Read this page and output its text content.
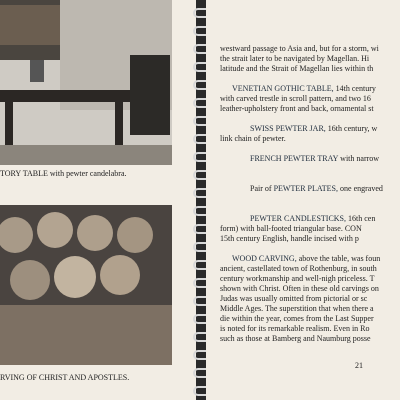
TORY TABLE with pewter candelabra.
RVING OF CHRIST AND APOSTLES.
westward passage to Asia and, but for a storm, wi
the strait later to be navigated by Magellan. Hi
latitude and the Strait of Magellan lies within th
VENETIAN GOTHIC TABLE, 14th century
with carved trestle in scroll pattern, and two 16
leather-upholstery front and back, ornamental st
SWISS PEWTER JAR, 16th century, w
link chain of pewter.
FRENCH PEWTER TRAY with narrow
Pair of PEWTER PLATES, one engraved
PEWTER CANDLESTICKS, 16th cen
form) with ball-footed triangular base. CON
15th century English, handle incised with p
WOOD CARVING, above the table, was foun
ancient, castellated town of Rothenburg, in south
century workmanship and well-nigh priceless. T
shown with Christ. Often in these old carvings on
Judas was usually omitted from pictorial or sc
Middle Ages. The superstition that when there a
die within the year, comes from the Last Supper
is noted for its remarkable realism. Even in Ro
such as those at Bamberg and Naumburg posse
21
